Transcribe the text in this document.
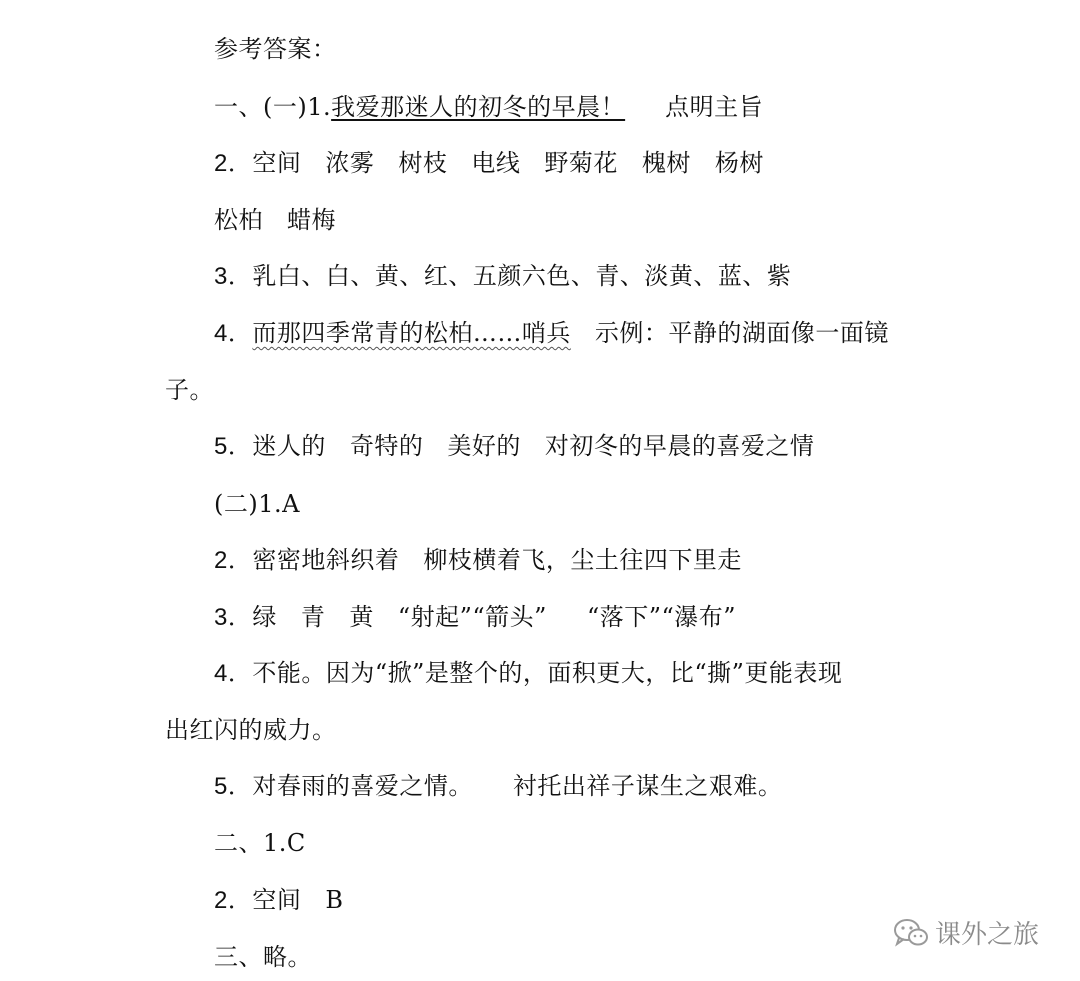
参考答案：
一、(一)1.我爱那迷人的初冬的早晨！ 点明主旨
2．空间 浓雾 树枝 电线 野菊花 槐树 杨树
松柏 蜡梅
3．乳白、白、黄、红、五颜六色、青、淡黄、蓝、紫
4．而那四季常青的松柏……哨兵 示例：平静的湖面像一面镜
子。
5．迷人的 奇特的 美好的 对初冬的早晨的喜爱之情
(二)1.A
2．密密地斜织着 柳枝横着飞，尘土往四下里走
3．绿 青 黄 “射起”“箭头” “落下”“瀑布”
4．不能。因为“掀”是整个的，面积更大，比“撕”更能表现
出红闪的威力。
5．对春雨的喜爱之情。 衬托出祥子谋生之艰难。
二、1.C
2．空间 B
三、略。
课外之旅
